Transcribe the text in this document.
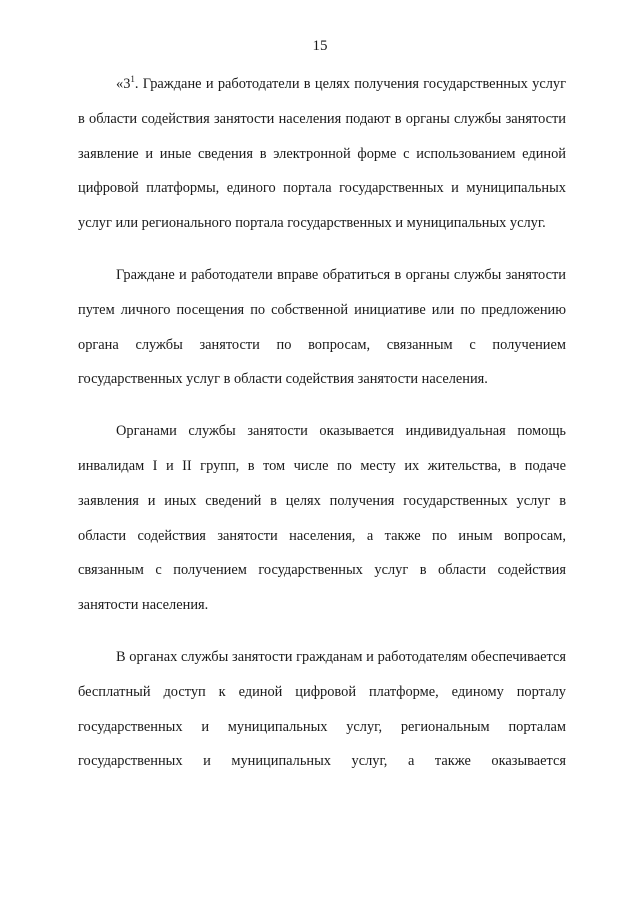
15

«$3^1$. Граждане и работодатели в целях получения государственных услуг в области содействия занятости населения подают в органы службы занятости заявление и иные сведения в электронной форме с использованием единой цифровой платформы, единого портала государственных и муниципальных услуг или регионального портала государственных и муниципальных услуг.

Граждане и работодатели вправе обратиться в органы службы занятости путем личного посещения по собственной инициативе или по предложению органа службы занятости по вопросам, связанным с получением государственных услуг в области содействия занятости населения.

Органами службы занятости оказывается индивидуальная помощь инвалидам I и II групп, в том числе по месту их жительства, в подаче заявления и иных сведений в целях получения государственных услуг в области содействия занятости населения, а также по иным вопросам, связанным с получением государственных услуг в области содействия занятости населения.

В органах службы занятости гражданам и работодателям обеспечивается бесплатный доступ к единой цифровой платформе, единому порталу государственных и муниципальных услуг, региональным порталам государственных и муниципальных услуг, а также оказывается
